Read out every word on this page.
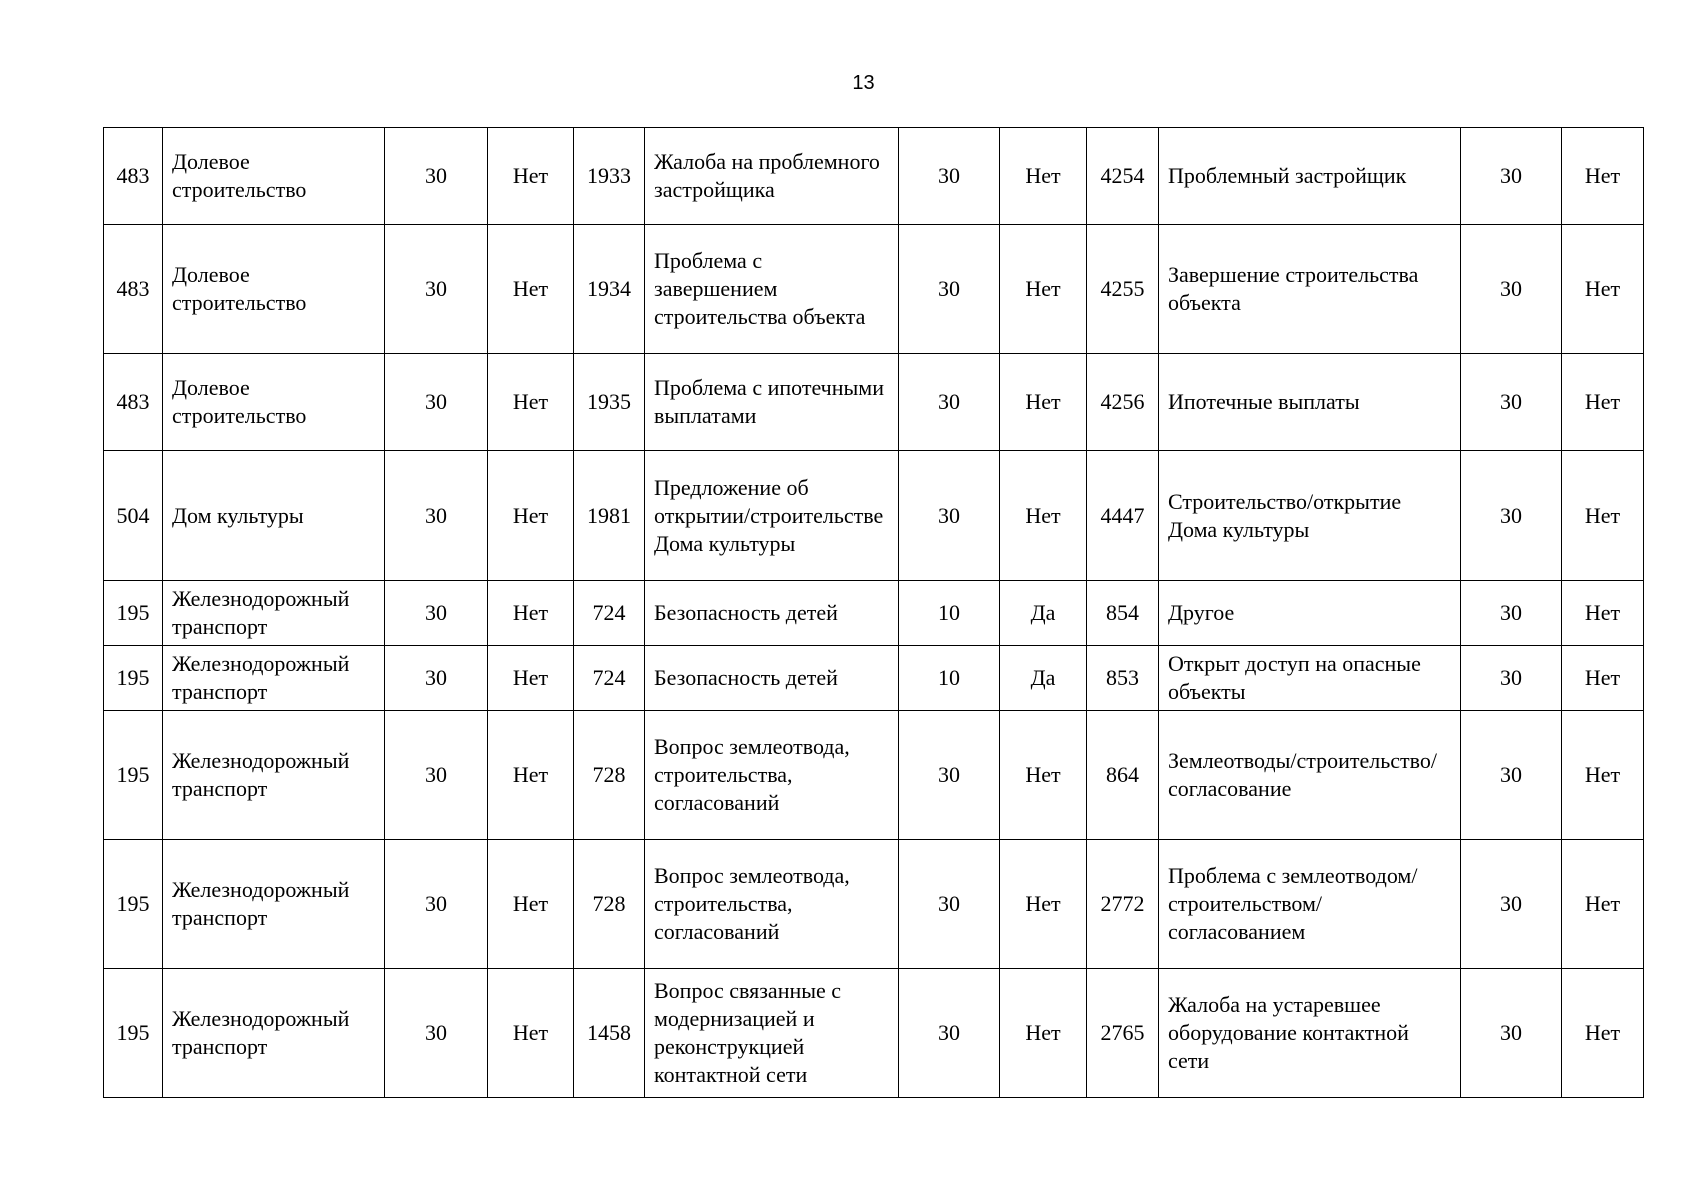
13
483	Долевое строительство	30	Нет	1933	Жалоба на проблемного застройщика	30	Нет	4254	Проблемный застройщик	30	Нет
483	Долевое строительство	30	Нет	1934	Проблема с завершением строительства объекта	30	Нет	4255	Завершение строительства объекта	30	Нет
483	Долевое строительство	30	Нет	1935	Проблема с ипотечными выплатами	30	Нет	4256	Ипотечные выплаты	30	Нет
504	Дом культуры	30	Нет	1981	Предложение об открытии/строительстве Дома культуры	30	Нет	4447	Строительство/открытие Дома культуры	30	Нет
195	Железнодорожный транспорт	30	Нет	724	Безопасность детей	10	Да	854	Другое	30	Нет
195	Железнодорожный транспорт	30	Нет	724	Безопасность детей	10	Да	853	Открыт доступ на опасные объекты	30	Нет
195	Железнодорожный транспорт	30	Нет	728	Вопрос землеотвода, строительства, согласований	30	Нет	864	Землеотводы/строительство/согласование	30	Нет
195	Железнодорожный транспорт	30	Нет	728	Вопрос землеотвода, строительства, согласований	30	Нет	2772	Проблема с землеотводом/строительством/согласованием	30	Нет
195	Железнодорожный транспорт	30	Нет	1458	Вопрос связанные с модернизацией и реконструкцией контактной сети	30	Нет	2765	Жалоба на устаревшее оборудование контактной сети	30	Нет
